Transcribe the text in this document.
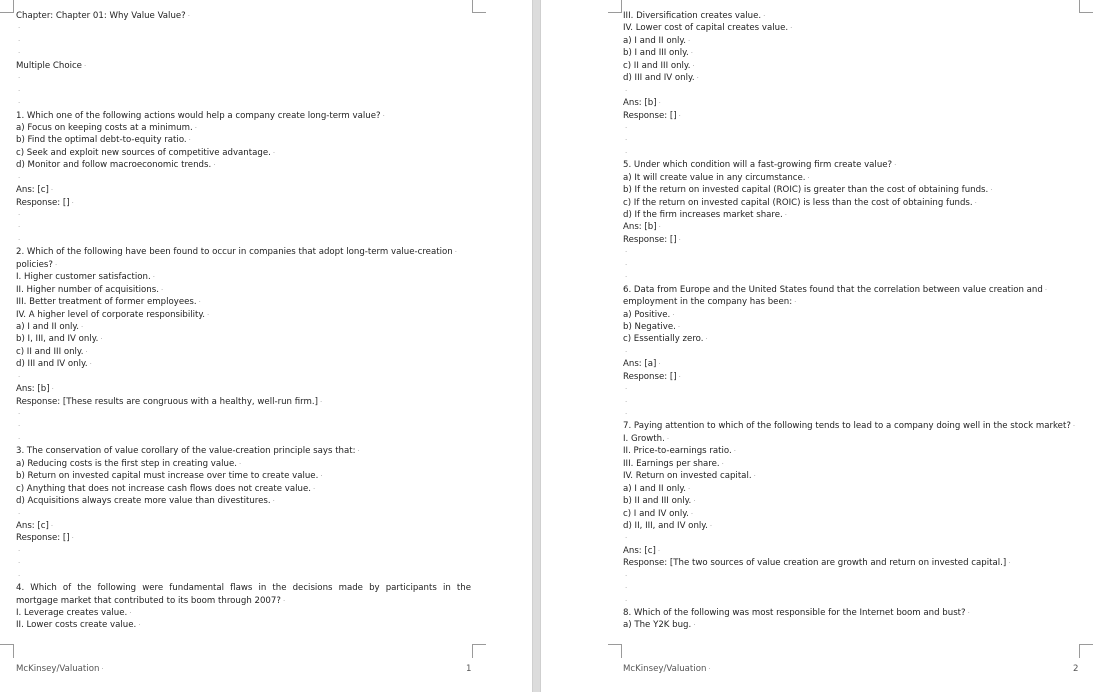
Chapter: Chapter 01: Why Value Value? ·
·
·
·
Multiple Choice ·
·
·
·
1. Which one of the following actions would help a company create long-term value? ·
a) Focus on keeping costs at a minimum. ·
b) Find the optimal debt-to-equity ratio. ·
c) Seek and exploit new sources of competitive advantage. ·
d) Monitor and follow macroeconomic trends. ·
·
Ans: [c] ·
Response: [] ·
·
·
·
2. Which of the following have been found to occur in companies that adopt long-term value-creation ·
policies? ·
I. Higher customer satisfaction. ·
II. Higher number of acquisitions. ·
III. Better treatment of former employees. ·
IV. A higher level of corporate responsibility. ·
a) I and II only. ·
b) I, III, and IV only. ·
c) II and III only. ·
d) III and IV only. ·
·
Ans: [b] ·
Response: [These results are congruous with a healthy, well-run firm.] ·
·
·
·
3. The conservation of value corollary of the value-creation principle says that: ·
a) Reducing costs is the first step in creating value. ·
b) Return on invested capital must increase over time to create value. ·
c) Anything that does not increase cash flows does not create value. ·
d) Acquisitions always create more value than divestitures. ·
·
Ans: [c] ·
Response: [] ·
·
·
·
4. Which of the following were fundamental flaws in the decisions made by participants in the
mortgage market that contributed to its boom through 2007? ·
I. Leverage creates value. ·
II. Lower costs create value. ·
McKinsey/Valuation ·	1
III. Diversification creates value. ·
IV. Lower cost of capital creates value. ·
a) I and II only. ·
b) I and III only. ·
c) II and III only. ·
d) III and IV only. ·
·
Ans: [b] ·
Response: [] ·
·
·
·
5. Under which condition will a fast-growing firm create value? ·
a) It will create value in any circumstance. ·
b) If the return on invested capital (ROIC) is greater than the cost of obtaining funds. ·
c) If the return on invested capital (ROIC) is less than the cost of obtaining funds. ·
d) If the firm increases market share. ·
Ans: [b] ·
Response: [] ·
·
·
·
6. Data from Europe and the United States found that the correlation between value creation and ·
employment in the company has been: ·
a) Positive. ·
b) Negative. ·
c) Essentially zero. ·
·
Ans: [a] ·
Response: [] ·
·
·
·
7. Paying attention to which of the following tends to lead to a company doing well in the stock market? ·
I. Growth. ·
II. Price-to-earnings ratio. ·
III. Earnings per share. ·
IV. Return on invested capital. ·
a) I and II only. ·
b) II and III only. ·
c) I and IV only. ·
d) II, III, and IV only. ·
·
Ans: [c] ·
Response: [The two sources of value creation are growth and return on invested capital.] ·
·
·
·
8. Which of the following was most responsible for the Internet boom and bust? ·
a) The Y2K bug. ·
McKinsey/Valuation ·	2
